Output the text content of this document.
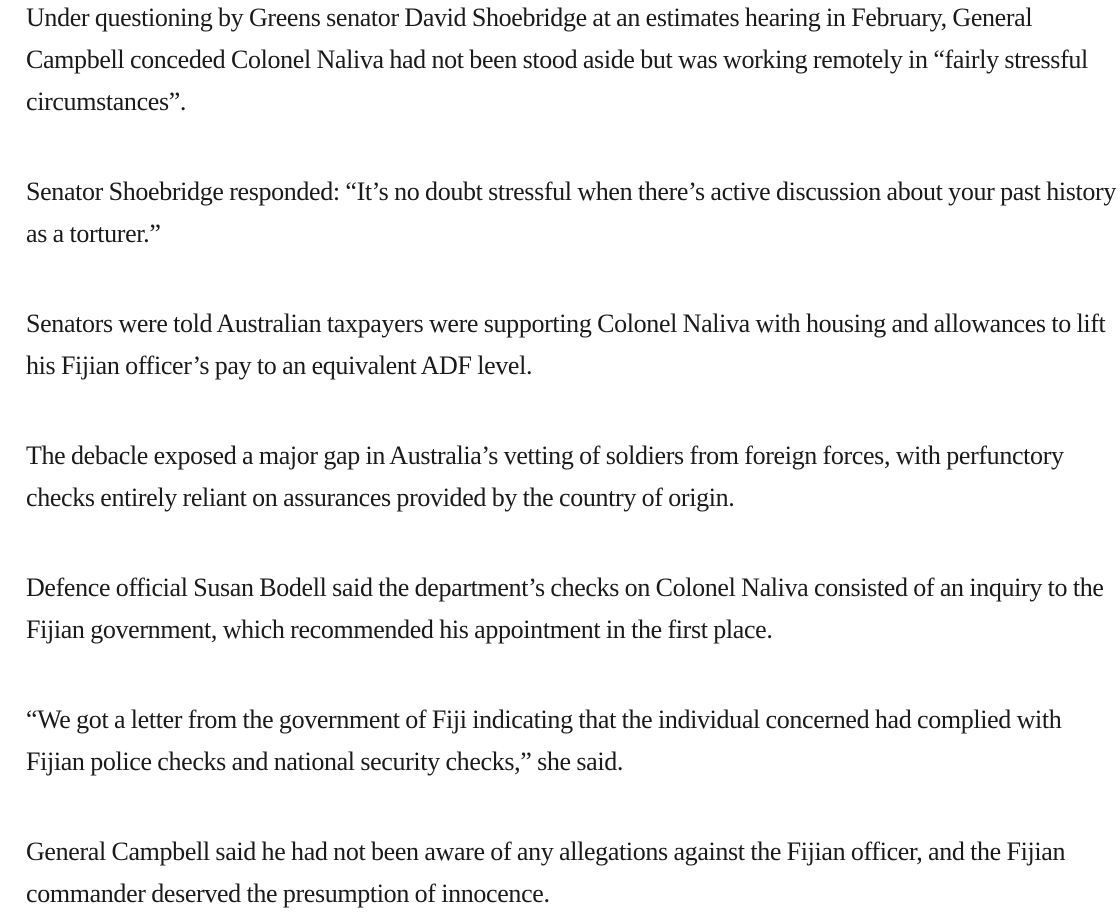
Under questioning by Greens senator David Shoebridge at an estimates hearing in February, General Campbell conceded Colonel Naliva had not been stood aside but was working remotely in “fairly stressful circumstances”.

Senator Shoebridge responded: “It’s no doubt stressful when there’s active discussion about your past history as a torturer.”

Senators were told Australian taxpayers were supporting Colonel Naliva with housing and allowances to lift his Fijian officer’s pay to an equivalent ADF level.

The debacle exposed a major gap in Australia’s vetting of soldiers from foreign forces, with perfunctory checks entirely reliant on assurances provided by the country of origin.

Defence official Susan Bodell said the department’s checks on Colonel Naliva consisted of an inquiry to the Fijian government, which recommended his appointment in the first place.

“We got a letter from the government of Fiji indicating that the individual concerned had complied with Fijian police checks and national security checks,” she said.

General Campbell said he had not been aware of any allegations against the Fijian officer, and the Fijian commander deserved the presumption of innocence.
